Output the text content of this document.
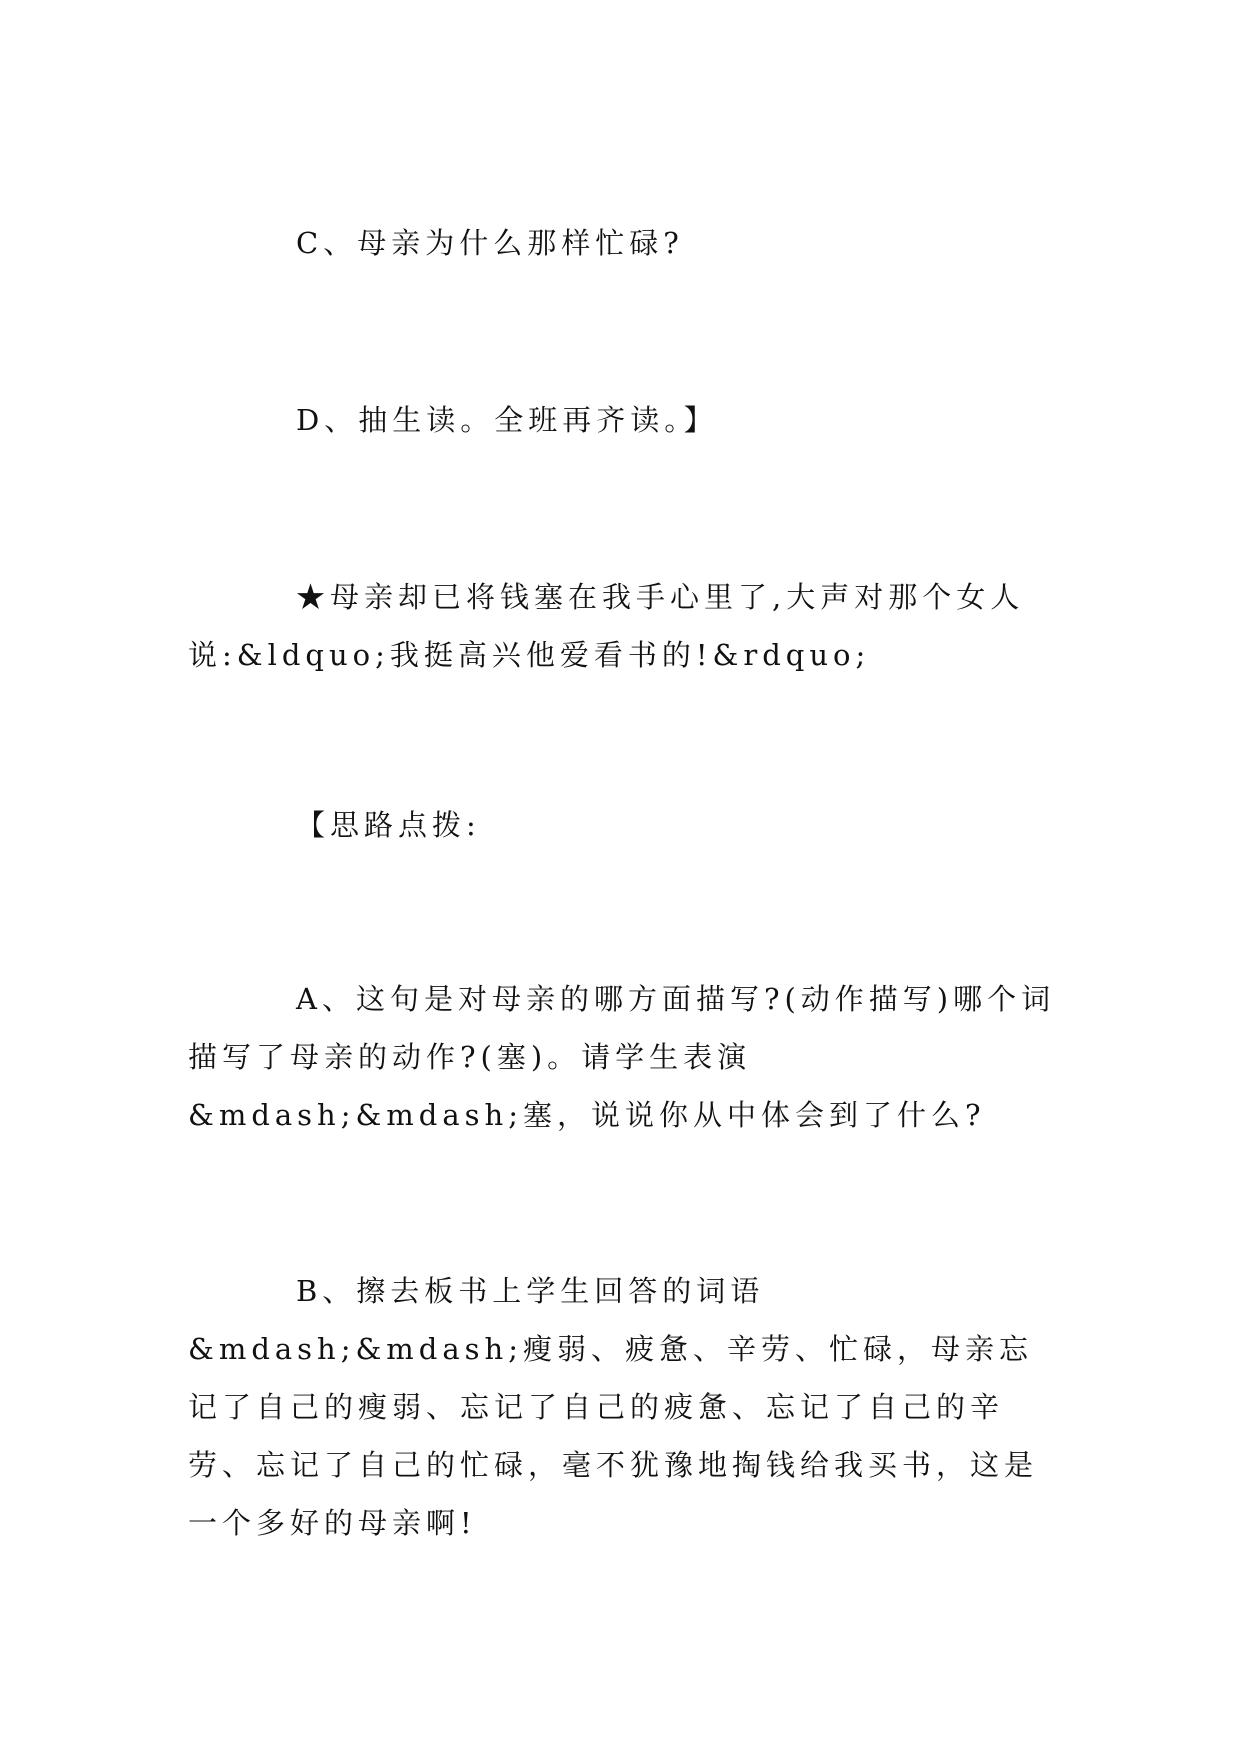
C、母亲为什么那样忙碌?

D、抽生读。全班再齐读。】

★母亲却已将钱塞在我手心里了,大声对那个女人说:&ldquo;我挺高兴他爱看书的!&rdquo;

【思路点拨:

A、这句是对母亲的哪方面描写?(动作描写)哪个词描写了母亲的动作?(塞)。请学生表演&mdash;&mdash;塞，说说你从中体会到了什么?

B、擦去板书上学生回答的词语&mdash;&mdash;瘦弱、疲惫、辛劳、忙碌，母亲忘记了自己的瘦弱、忘记了自己的疲惫、忘记了自己的辛劳、忘记了自己的忙碌，毫不犹豫地掏钱给我买书，这是一个多好的母亲啊!
